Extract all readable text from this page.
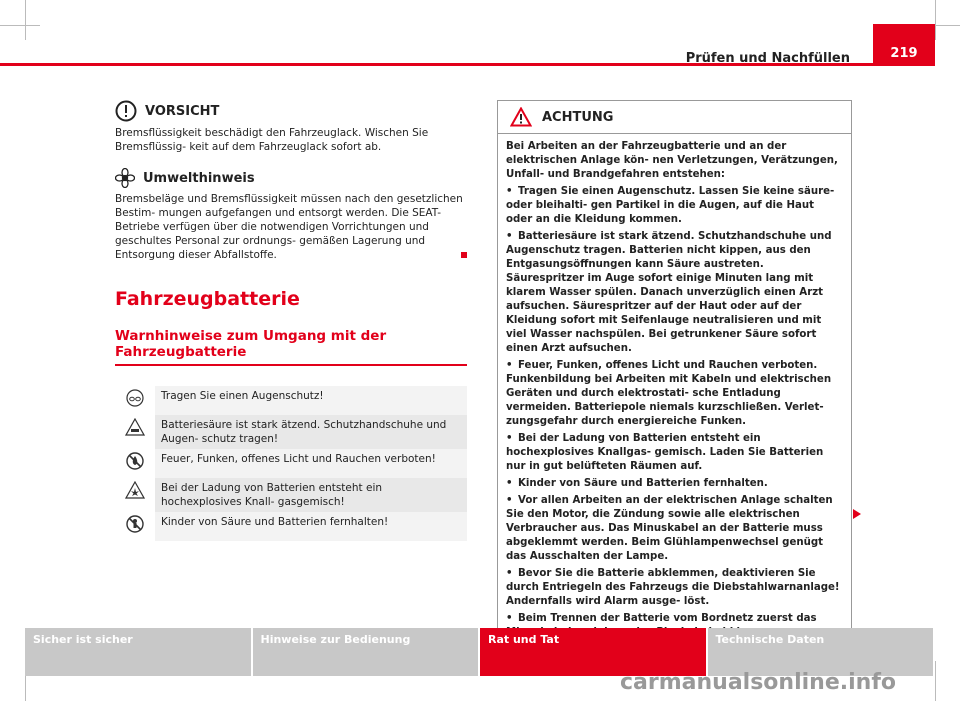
Prüfen und Nachfüllen	219
VORSICHT
Bremsflüssigkeit beschädigt den Fahrzeuglack. Wischen Sie Bremsflüssig- keit auf dem Fahrzeuglack sofort ab.
Umwelthinweis
Bremsbeläge und Bremsflüssigkeit müssen nach den gesetzlichen Bestim- mungen aufgefangen und entsorgt werden. Die SEAT-Betriebe verfügen über die notwendigen Vorrichtungen und geschultes Personal zur ordnungs- gemäßen Lagerung und Entsorgung dieser Abfallstoffe.
Fahrzeugbatterie
Warnhinweise zum Umgang mit der Fahrzeugbatterie
	Tragen Sie einen Augenschutz!
	Batteriesäure ist stark ätzend. Schutzhandschuhe und Augen- schutz tragen!
	Feuer, Funken, offenes Licht und Rauchen verboten!
	Bei der Ladung von Batterien entsteht ein hochexplosives Knall- gasgemisch!
	Kinder von Säure und Batterien fernhalten!
ACHTUNG

Bei Arbeiten an der Fahrzeugbatterie und an der elektrischen Anlage kön- nen Verletzungen, Verätzungen, Unfall- und Brandgefahren entstehen:

• Tragen Sie einen Augenschutz. Lassen Sie keine säure- oder bleihalti- gen Partikel in die Augen, auf die Haut oder an die Kleidung kommen.

• Batteriesäure ist stark ätzend. Schutzhandschuhe und Augenschutz tragen. Batterien nicht kippen, aus den Entgasungsöffnungen kann Säure austreten. Säurespritzer im Auge sofort einige Minuten lang mit klarem Wasser spülen. Danach unverzüglich einen Arzt aufsuchen. Säurespritzer auf der Haut oder auf der Kleidung sofort mit Seifenlauge neutralisieren und mit viel Wasser nachspülen. Bei getrunkener Säure sofort einen Arzt aufsuchen.

• Feuer, Funken, offenes Licht und Rauchen verboten. Funkenbildung bei Arbeiten mit Kabeln und elektrischen Geräten und durch elektrostati- sche Entladung vermeiden. Batteriepole niemals kurzschließen. Verlet- zungsgefahr durch energiereiche Funken.

• Bei der Ladung von Batterien entsteht ein hochexplosives Knallgas- gemisch. Laden Sie Batterien nur in gut belüfteten Räumen auf.

• Kinder von Säure und Batterien fernhalten.

• Vor allen Arbeiten an der elektrischen Anlage schalten Sie den Motor, die Zündung sowie alle elektrischen Verbraucher aus. Das Minuskabel an der Batterie muss abgeklemmt werden. Beim Glühlampenwechsel genügt das Ausschalten der Lampe.

• Bevor Sie die Batterie abklemmen, deaktivieren Sie durch Entriegeln des Fahrzeugs die Diebstahlwarnanlage! Andernfalls wird Alarm ausge- löst.

• Beim Trennen der Batterie vom Bordnetz zuerst das

Sicher ist sicher	Hinweise zur Bedienung	Rat und Tat	Technische Daten
carmanualsonline.info
